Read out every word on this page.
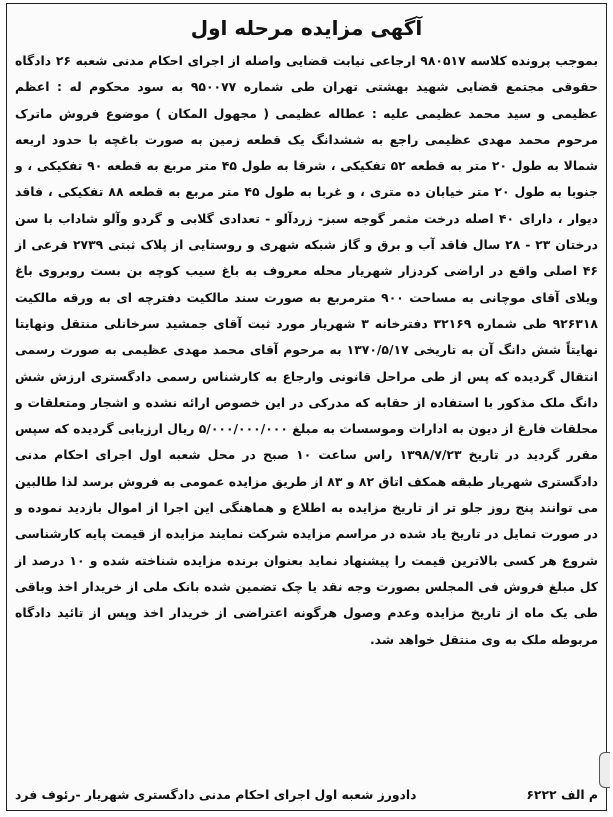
آگهی مزایده مرحله اول

بموجب پرونده کلاسه ۹۸۰۵۱۷ ارجاعی نیابت قضایی واصله از اجرای احکام مدنی شعبه ۲۶ دادگاه حقوقی مجتمع قضایی شهید بهشتی تهران طی شماره ۹۵۰۰۷۷ به سود محکوم له : اعظم عظیمی و سید محمد عظیمی علیه : عطاله عظیمی ( مجهول المکان ) موضوع فروش ماترک مرحوم محمد مهدی عظیمی راجع به ششدانگ یک قطعه زمین به صورت باغچه با حدود اربعه شمالا به طول ۲۰ متر به قطعه ۵۲ تفکیکی ، شرقا به طول ۴۵ متر مربع به قطعه ۹۰ تفکیکی ، و جنوبا به طول ۲۰ متر خیابان ده متری ، و غربا به طول ۴۵ متر مربع به قطعه ۸۸ تفکیکی ، فاقد دیوار ، دارای ۴۰ اصله درخت مثمر گوجه سبز- زردآلو - تعدادی گلابی و گردو وآلو شاداب با سن درختان ۲۳ - ۲۸ سال فاقد آب و برق و گاز شبکه شهری و روستایی از پلاک ثبتی ۲۷۳۹ فرعی از ۴۶ اصلی واقع در اراضی کردزار شهریار محله معروف به باغ سیب کوچه بن بست روبروی باغ ویلای آقای موچانی به مساحت ۹۰۰ مترمربع به صورت سند مالکیت دفترچه ای به ورقه مالکیت ۹۲۶۳۱۸ طی شماره ۳۲۱۶۹ دفترخانه ۳ شهریار مورد ثبت آقای جمشید سرخانلی منتقل ونهایتا نهایتاً شش دانگ آن به تاریخی ۱۳۷۰/۵/۱۷ به مرحوم آقای محمد مهدی عظیمی به صورت رسمی انتقال گردیده که پس از طی مراحل قانونی وارجاع به کارشناس رسمی دادگستری ارزش شش دانگ ملک مذکور با استفاده از حقابه که مدرکی در این خصوص ارائه نشده و اشجار ومتعلقات و محلقات فارغ از دیون به ادارات وموسسات به مبلغ ۵/۰۰۰/۰۰۰/۰۰۰ ریال ارزیابی گردیده که سپس مقرر گردید در تاریخ ۱۳۹۸/۷/۲۳ راس ساعت ۱۰ صبح در محل شعبه اول اجرای احکام مدنی دادگستری شهریار طبقه همکف اتاق ۸۲ و ۸۳ از طریق مزایده عمومی به فروش برسد لذا طالبین می توانند پنج روز جلو تر از تاریخ مزایده به اطلاع و هماهنگی این اجرا از اموال بازدید نموده و در صورت تمایل در تاریخ یاد شده در مراسم مزایده شرکت نمایند مزایده از قیمت پایه کارشناسی شروع هر کسی بالاترین قیمت را پیشنهاد نماید بعنوان برنده مزایده شناخته شده و ۱۰ درصد از کل مبلغ فروش فی المجلس بصورت وجه نقد یا چک تضمین شده بانک ملی از خریدار اخذ وباقی طی یک ماه از تاریخ مزایده وعدم وصول هرگونه اعتراضی از خریدار اخذ وپس از تائید دادگاه مربوطه ملک به وی منتقل خواهد شد.

م الف ۶۲۲۲
دادورز شعبه اول اجرای احکام مدنی دادگستری شهریار -رئوف فرد
